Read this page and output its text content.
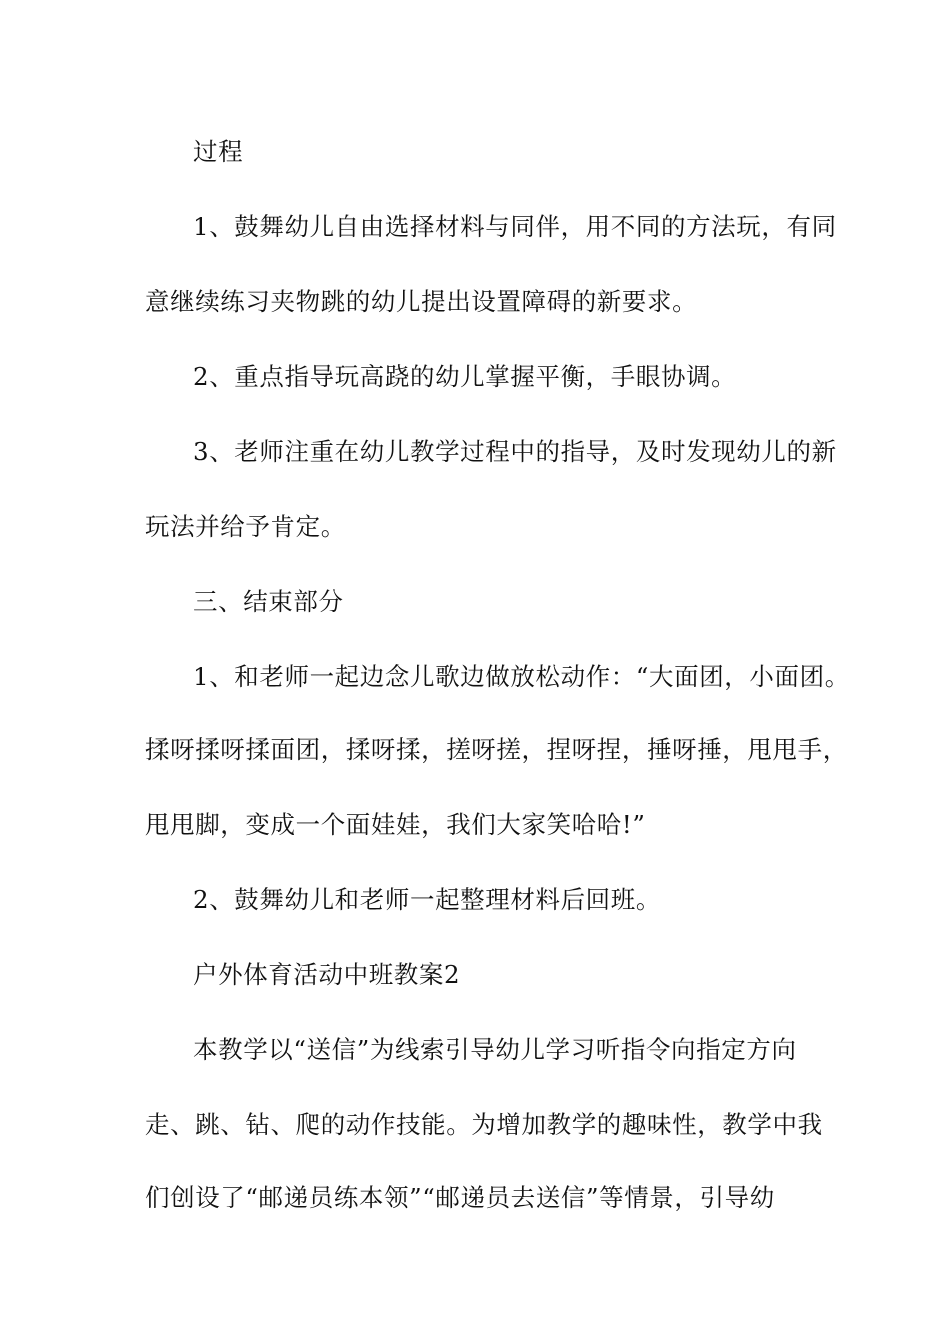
过程
1、鼓舞幼儿自由选择材料与同伴，用不同的方法玩，有同
意继续练习夹物跳的幼儿提出设置障碍的新要求。
2、重点指导玩高跷的幼儿掌握平衡，手眼协调。
3、老师注重在幼儿教学过程中的指导，及时发现幼儿的新
玩法并给予肯定。
三、结束部分
1、和老师一起边念儿歌边做放松动作：“大面团，小面团。
揉呀揉呀揉面团，揉呀揉，搓呀搓，捏呀捏，捶呀捶，甩甩手，
甩甩脚，变成一个面娃娃，我们大家笑哈哈!”
2、鼓舞幼儿和老师一起整理材料后回班。
户外体育活动中班教案2
本教学以“送信”为线索引导幼儿学习听指令向指定方向
走、跳、钻、爬的动作技能。为增加教学的趣味性，教学中我
们创设了“邮递员练本领”“邮递员去送信”等情景，引导幼
